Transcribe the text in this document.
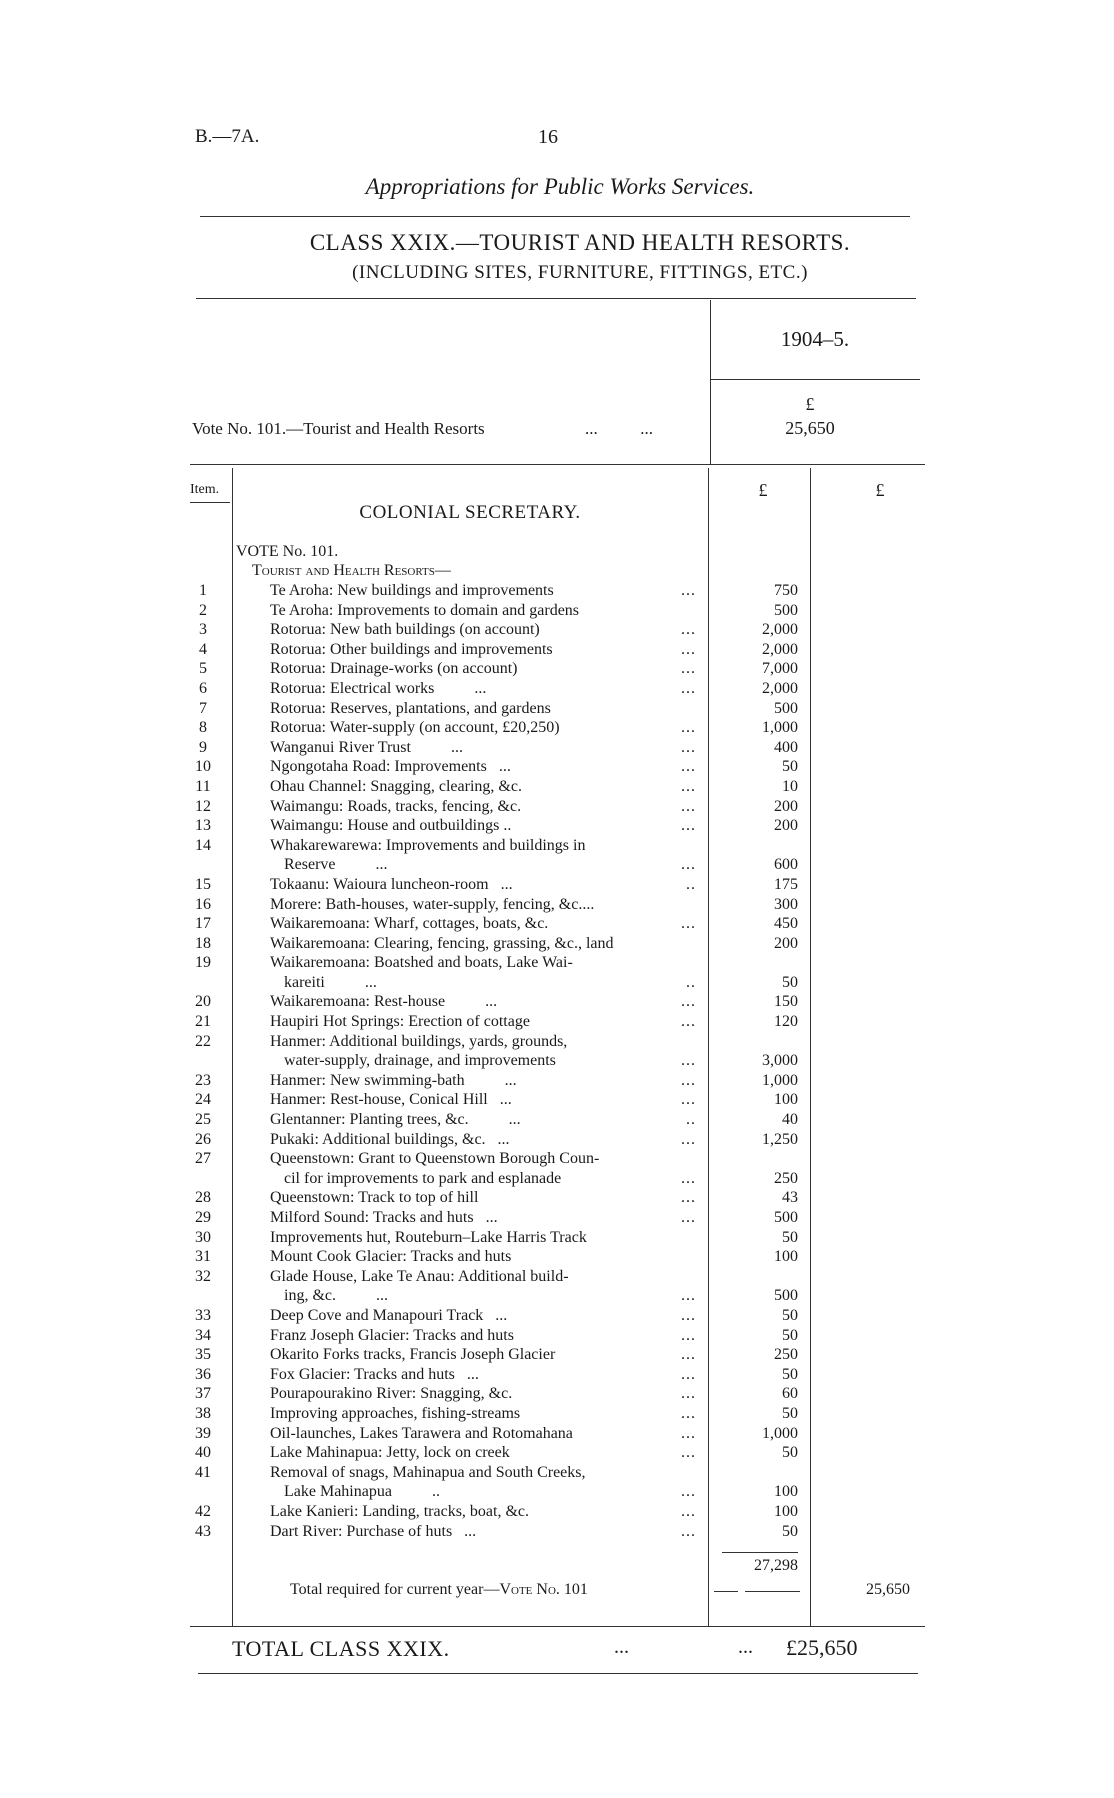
B.—7A.	16
Appropriations for Public Works Services.
CLASS XXIX.—TOURIST AND HEALTH RESORTS.
(INCLUDING SITES, FURNITURE, FITTINGS, ETC.)
1904–5.
£
Vote No. 101.—Tourist and Health Resorts	...          ...	25,650
Item.	£	£
COLONIAL SECRETARY.
VOTE No. 101.
Tourist and Health Resorts—
1	Te Aroha: New buildings and improvements	...	750
2	Te Aroha: Improvements to domain and gardens	500
3	Rotorua: New bath buildings (on account)	...	2,000
4	Rotorua: Other buildings and improvements	...	2,000
5	Rotorua: Drainage-works (on account)	...	7,000
6	Rotorua: Electrical works          ...	...	2,000
7	Rotorua: Reserves, plantations, and gardens	500
8	Rotorua: Water-supply (on account, £20,250)	...	1,000
9	Wanganui River Trust          ...	...	400
10	Ngongotaha Road: Improvements   ...	...	50
11	Ohau Channel: Snagging, clearing, &c.	...	10
12	Waimangu: Roads, tracks, fencing, &c.	...	200
13	Waimangu: House and outbuildings ..	...	200
14	Whakarewarewa: Improvements and buildings in
Reserve          ...	...	600
15	Tokaanu: Waioura luncheon-room   ...	..	175
16	Morere: Bath-houses, water-supply, fencing, &c....	300
17	Waikaremoana: Wharf, cottages, boats, &c.	...	450
18	Waikaremoana: Clearing, fencing, grassing, &c., land	200
19	Waikaremoana: Boatshed and boats, Lake Wai-
kareiti          ...	..	50
20	Waikaremoana: Rest-house          ...	...	150
21	Haupiri Hot Springs: Erection of cottage	...	120
22	Hanmer: Additional buildings, yards, grounds,
water-supply, drainage, and improvements	...	3,000
23	Hanmer: New swimming-bath          ...	...	1,000
24	Hanmer: Rest-house, Conical Hill   ...	...	100
25	Glentanner: Planting trees, &c.          ...	..	40
26	Pukaki: Additional buildings, &c.   ...	...	1,250
27	Queenstown: Grant to Queenstown Borough Coun-
cil for improvements to park and esplanade	...	250
28	Queenstown: Track to top of hill	...	43
29	Milford Sound: Tracks and huts   ...	...	500
30	Improvements hut, Routeburn–Lake Harris Track	50
31	Mount Cook Glacier: Tracks and huts	100
32	Glade House, Lake Te Anau: Additional build-
ing, &c.          ...	...	500
33	Deep Cove and Manapouri Track   ...	...	50
34	Franz Joseph Glacier: Tracks and huts	...	50
35	Okarito Forks tracks, Francis Joseph Glacier	...	250
36	Fox Glacier: Tracks and huts   ...	...	50
37	Pourapourakino River: Snagging, &c.	...	60
38	Improving approaches, fishing-streams	...	50
39	Oil-launches, Lakes Tarawera and Rotomahana	...	1,000
40	Lake Mahinapua: Jetty, lock on creek	...	50
41	Removal of snags, Mahinapua and South Creeks,
Lake Mahinapua          ..	...	100
42	Lake Kanieri: Landing, tracks, boat, &c.	...	100
43	Dart River: Purchase of huts   ...	...	50
27,298
Total required for current year—Vote No. 101	25,650
TOTAL CLASS XXIX.	...	... £25,650
